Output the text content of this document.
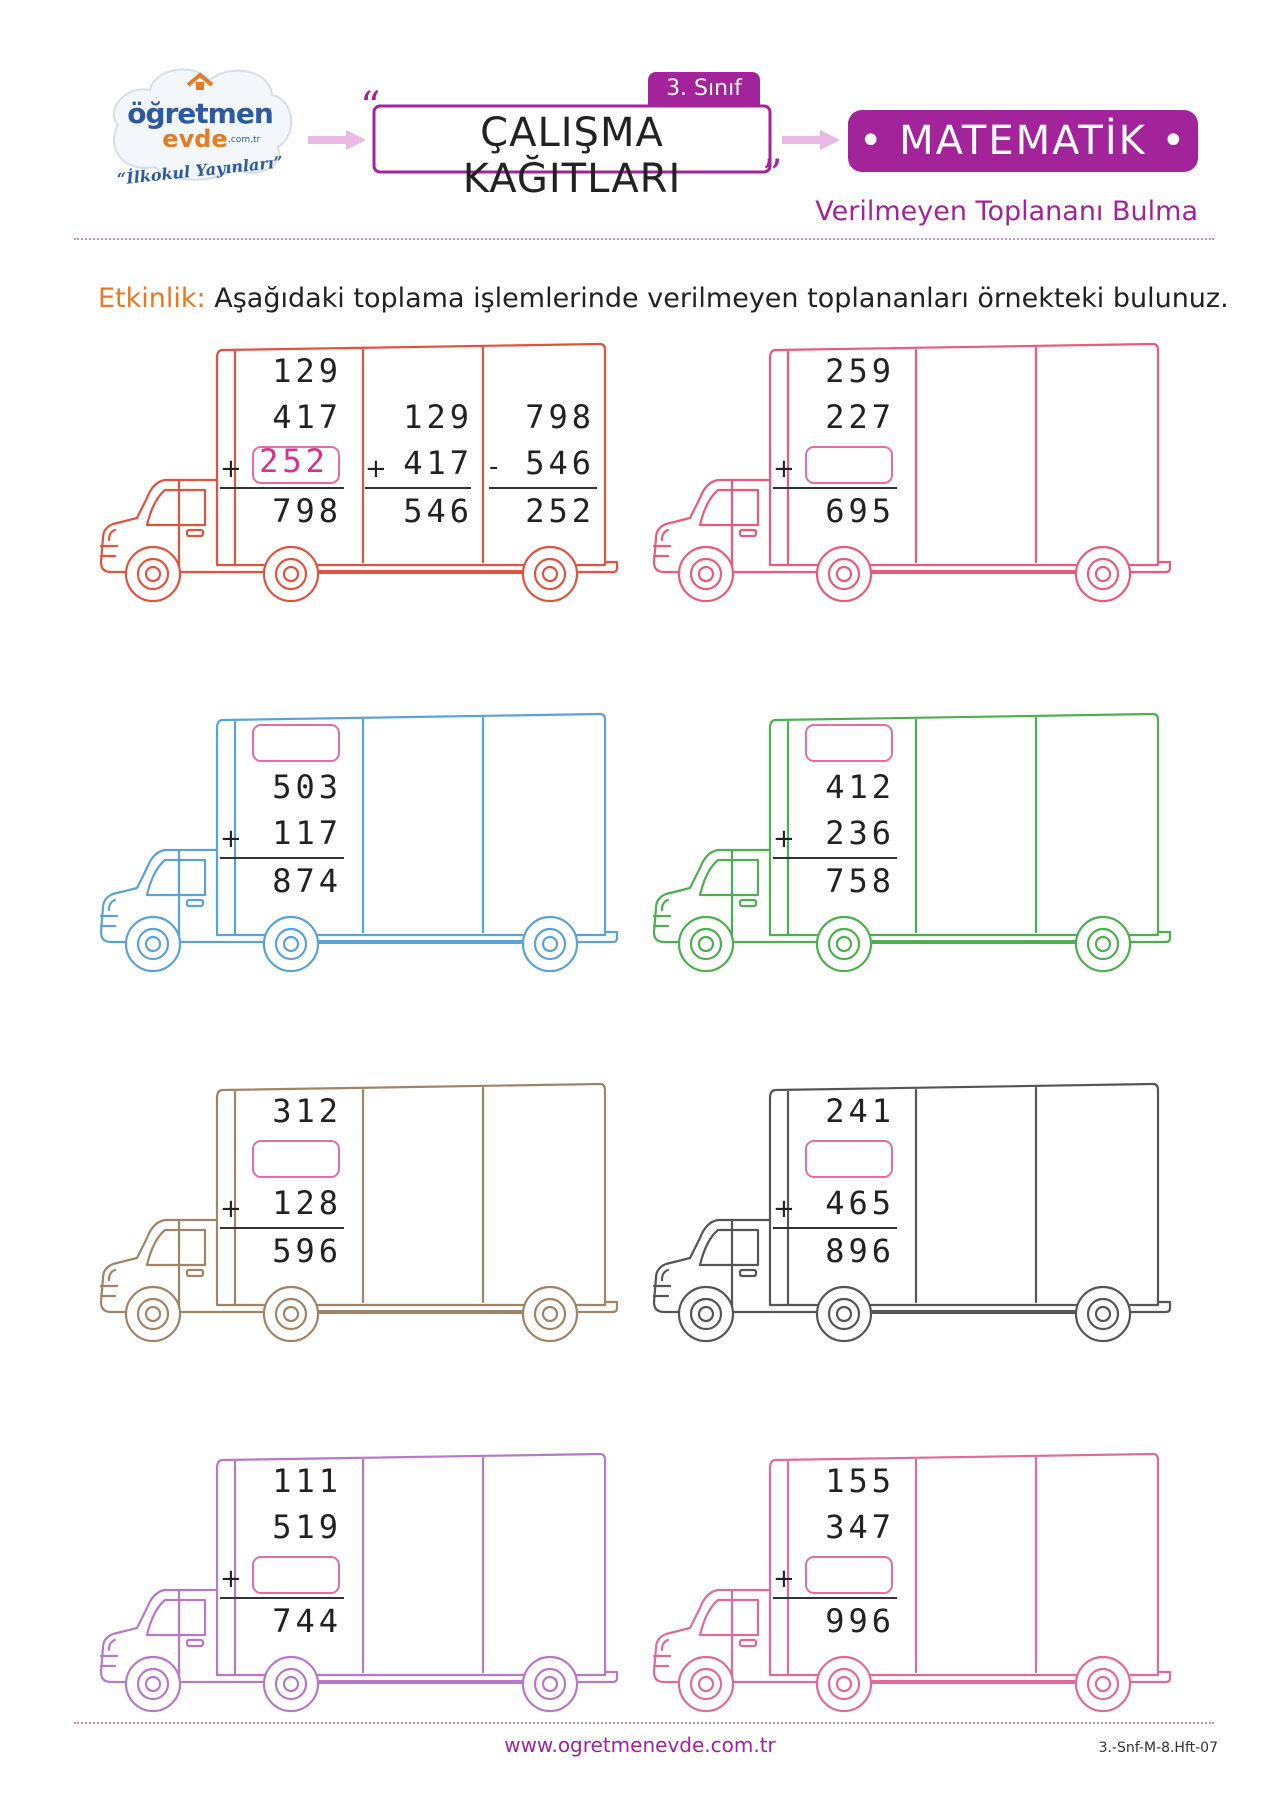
öğretmen
evde .com.tr
“İlkokul Yayınları”
“
”
3. Sınıf
ÇALIŞMA KAĞITLARI
• MATEMATİK •
Verilmeyen Toplananı Bulma
Etkinlik: Aşağıdaki toplama işlemlerinde verilmeyen toplananları örnekteki bulunuz.
129
417
252
+
798
129
417
+
546
798
546
-
252
259
227
+
695
503
117
+
874
412
236
+
758
312
128
+
596
241
465
+
896
111
519
+
744
155
347
+
996
www.ogretmenevde.com.tr	3.-Snf-M-8.Hft-07
